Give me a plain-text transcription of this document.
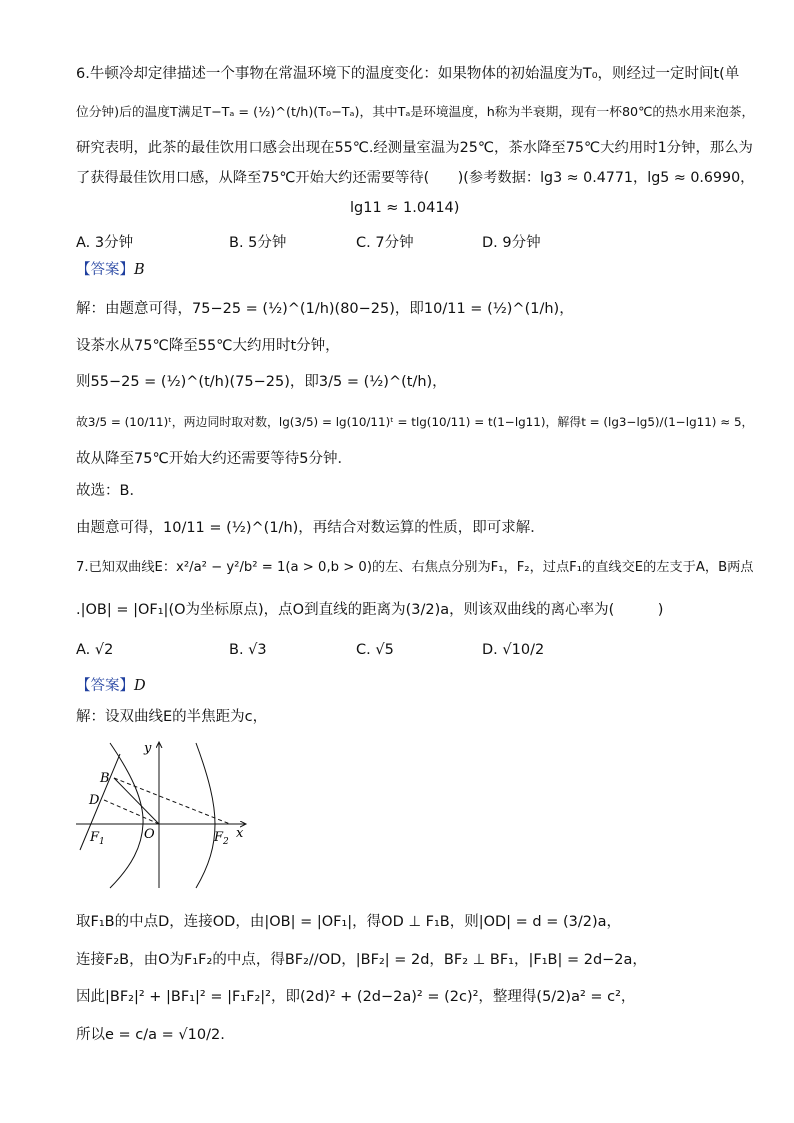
6.牛顿冷却定律描述一个事物在常温环境下的温度变化：如果物体的初始温度为T₀，则经过一定时间t(单
位分钟)后的温度T满足T−Tₐ = (½)^(t/h)(T₀−Tₐ)，其中Tₐ是环境温度，h称为半衰期，现有一杯80℃的热水用来泡茶，
研究表明，此茶的最佳饮用口感会出现在55℃.经测量室温为25℃，茶水降至75℃大约用时1分钟，那么为
了获得最佳饮用口感，从降至75℃开始大约还需要等待(　　)(参考数据：lg3 ≈ 0.4771，lg5 ≈ 0.6990，
lg11 ≈ 1.0414)
A. 3分钟	B. 5分钟	C. 7分钟	D. 9分钟
【答案】B
解：由题意可得，75−25 = (½)^(1/h)(80−25)，即10/11 = (½)^(1/h)，
设茶水从75℃降至55℃大约用时t分钟，
则55−25 = (½)^(t/h)(75−25)，即3/5 = (½)^(t/h)，
故3/5 = (10/11)ᵗ，两边同时取对数，lg(3/5) = lg(10/11)ᵗ = tlg(10/11) = t(1−lg11)，解得t = (lg3−lg5)/(1−lg11) ≈ 5，
故从降至75℃开始大约还需要等待5分钟．
故选：B．
由题意可得，10/11 = (½)^(1/h)，再结合对数运算的性质，即可求解．
7.已知双曲线E：x²/a² − y²/b² = 1(a > 0,b > 0)的左、右焦点分别为F₁，F₂，过点F₁的直线交E的左支于A，B两点
.|OB| = |OF₁|(O为坐标原点)，点O到直线的距离为(3/2)a，则该双曲线的离心率为(　　　)
A. √2	B. √3	C. √5	D. √10/2
【答案】D
解：设双曲线E的半焦距为c，
y
x
B
D
O
$F_1$	$F_2$
取F₁B的中点D，连接OD，由|OB| = |OF₁|，得OD ⊥ F₁B，则|OD| = d = (3/2)a，
连接F₂B，由O为F₁F₂的中点，得BF₂//OD，|BF₂| = 2d，BF₂ ⊥ BF₁，|F₁B| = 2d−2a，
因此|BF₂|² + |BF₁|² = |F₁F₂|²，即(2d)² + (2d−2a)² = (2c)²，整理得(5/2)a² = c²，
所以e = c/a = √10/2.
